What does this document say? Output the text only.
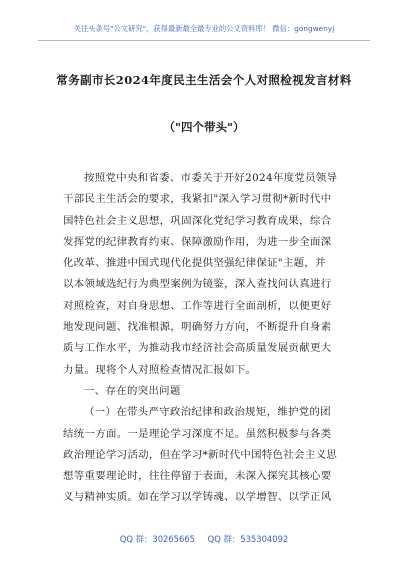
关注头条号"公文研究"，获得最新最全最专业的公文资料库！ 微信：gongwenyj
常务副市长2024年度民主生活会个人对照检视发言材料
（"四个带头"）
按照党中央和省委、市委关于开好2024年度党员领导
干部民主生活会的要求，我紧扣"深入学习贯彻*新时代中
国特色社会主义思想，巩固深化党纪学习教育成果，综合
发挥党的纪律教育约束、保障激励作用，为进一步全面深
化改革、推进中国式现代化提供坚强纪律保证"主题，并
以本领域选纪行为典型案例为镜鉴，深入查找问认真进行
对照检查，对自身思想、工作等进行全面剖析，以便更好
地发现问题、找准根源，明确努力方向，不断提升自身素
质与工作水平，为推动我市经济社会高质量发展贡献更大
力量。现将个人对照检查情况汇报如下。
一、存在的突出问题
（一）在带头严守政治纪律和政治规矩，维护党的团
结统一方面。一是理论学习深度不足。虽然积极参与各类
政治理论学习活动，但在学习*新时代中国特色社会主义思
想等重要理论时，往往停留于表面，未深入探究其核心要
义与精神实质。如在学习以学铸魂、以学增智、以学正风
QQ 群：30265665 QQ 群：535304092
